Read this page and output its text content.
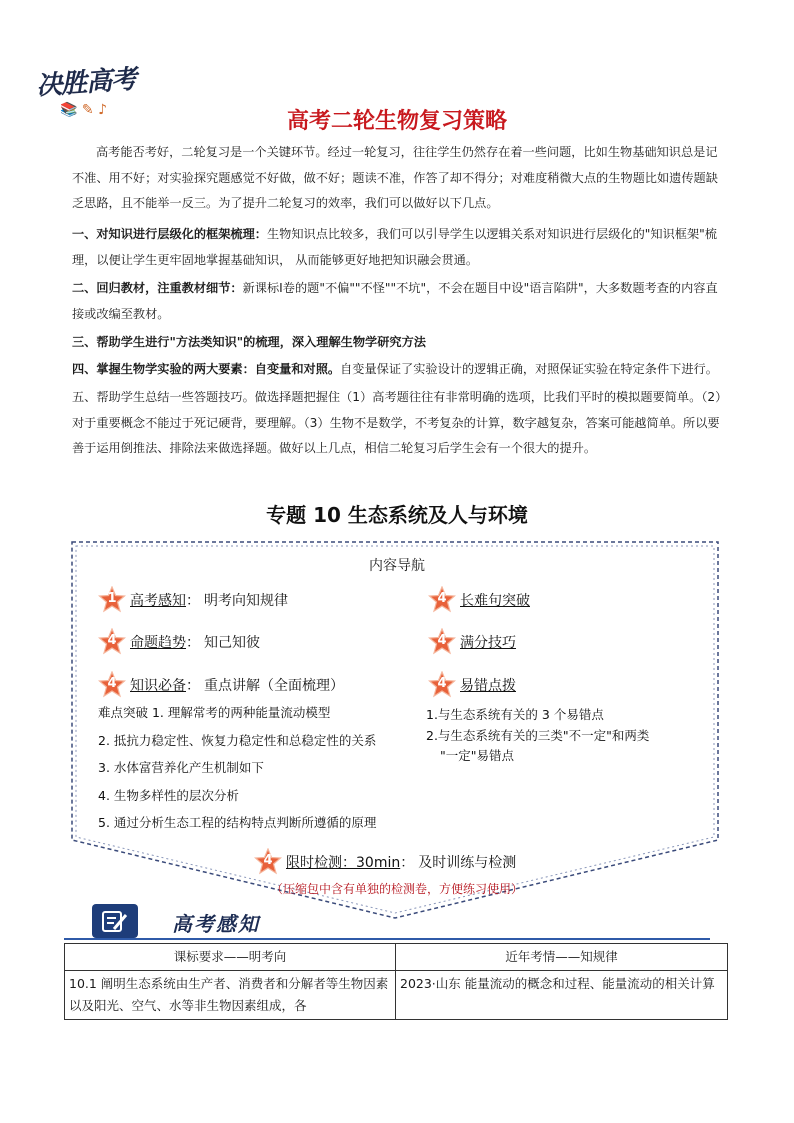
决胜高考
📚 ✎ ♪	高考二轮生物复习策略
高考能否考好，二轮复习是一个关键环节。经过一轮复习，往往学生仍然存在着一些问题，比如生物基础知识总是记不准、用不好；对实验探究题感觉不好做，做不好；题读不准，作答了却不得分；对难度稍微大点的生物题比如遗传题缺乏思路，且不能举一反三。为了提升二轮复习的效率，我们可以做好以下几点。
一、对知识进行层级化的框架梳理：生物知识点比较多，我们可以引导学生以逻辑关系对知识进行层级化的"知识框架"梳理，以便让学生更牢固地掌握基础知识， 从而能够更好地把知识融会贯通。
二、回归教材，注重教材细节：新课标Ⅰ卷的题"不偏""不怪""不坑"，不会在题目中设"语言陷阱"，大多数题考查的内容直接或改编至教材。
三、帮助学生进行"方法类知识"的梳理，深入理解生物学研究方法
四、掌握生物学实验的两大要素：自变量和对照。自变量保证了实验设计的逻辑正确，对照保证实验在特定条件下进行。
五、帮助学生总结一些答题技巧。做选择题把握住（1）高考题往往有非常明确的选项，比我们平时的模拟题要简单。（2）对于重要概念不能过于死记硬背，要理解。（3）生物不是数学，不考复杂的计算，数字越复杂，答案可能越简单。所以要善于运用倒推法、排除法来做选择题。做好以上几点，相信二轮复习后学生会有一个很大的提升。
专题 10 生态系统及人与环境
内容导航
1 高考感知 ： 明考向知规律
4 命题趋势 ： 知己知彼
4 知识必备 ： 重点讲解（全面梳理）
4 长难句突破
4 满分技巧
4 易错点拨
难点突破 1. 理解常考的两种能量流动模型
2. 抵抗力稳定性、恢复力稳定性和总稳定性的关系
3. 水体富营养化产生机制如下
4. 生物多样性的层次分析
5. 通过分析生态工程的结构特点判断所遵循的原理
1.与生态系统有关的 3 个易错点
2.与生态系统有关的三类"不一定"和两类
"一定"易错点
4 限时检测：30min ： 及时训练与检测
（压缩包中含有单独的检测卷，方便练习使用）
高考感知
课标要求——明考向	近年考情——知规律
10.1 阐明生态系统由生产者、消费者和分解者等生物因素以及阳光、空气、水等非生物因素组成，各	2023·山东 能量流动的概念和过程、能量流动的相关计算
